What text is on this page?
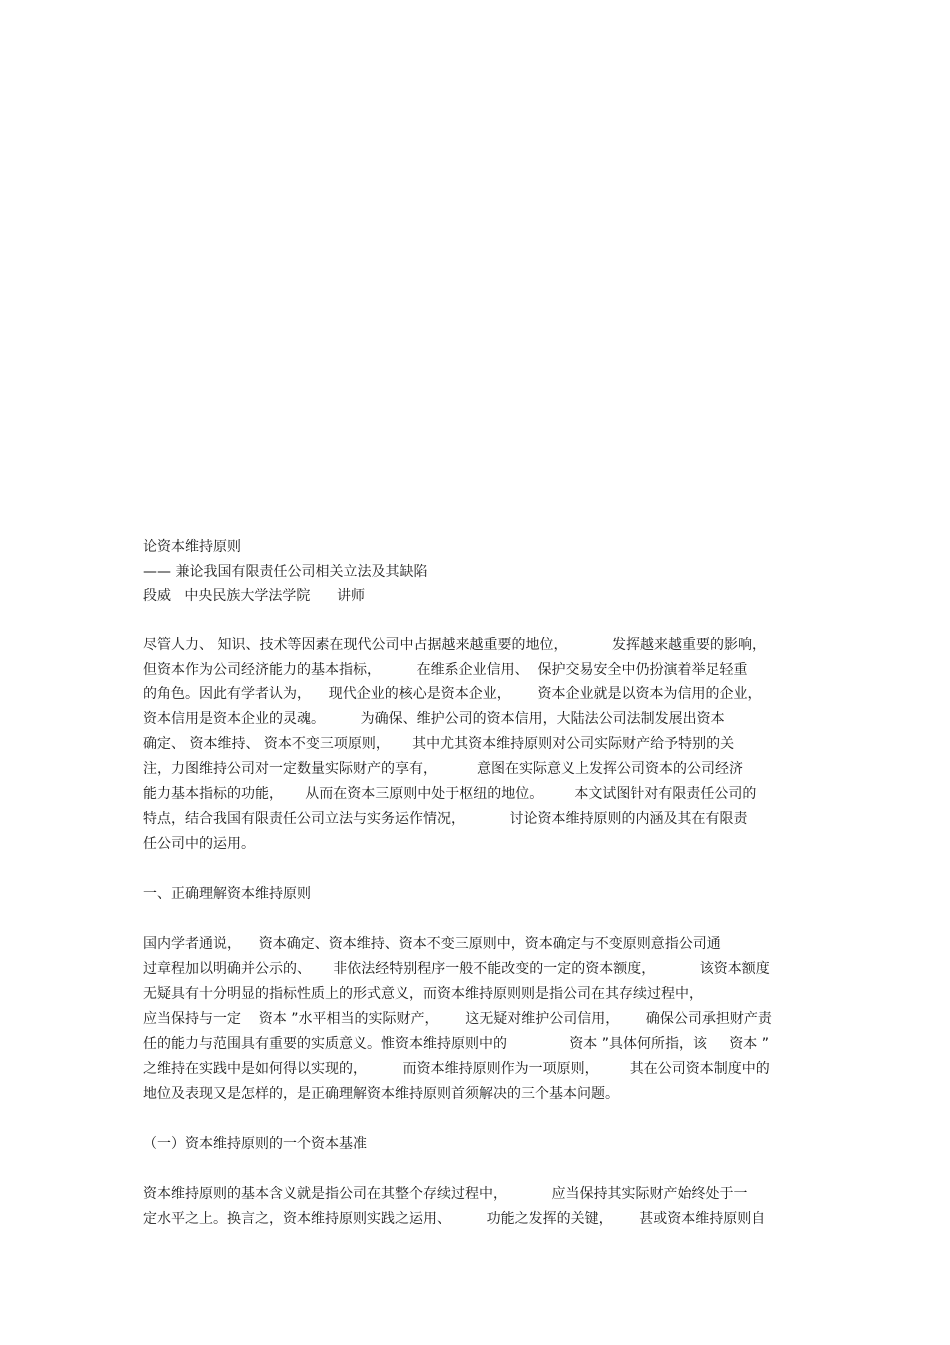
论资本维持原则

—— 兼论我国有限责任公司相关立法及其缺陷

段威   中央民族大学法学院      讲师

尽管人力、 知识、技术等因素在现代公司中占据越来越重要的地位，          发挥越来越重要的影响，

但资本作为公司经济能力的基本指标，        在维系企业信用、  保护交易安全中仍扮演着举足轻重

的角色。因此有学者认为，    现代企业的核心是资本企业，      资本企业就是以资本为信用的企业，

资本信用是资本企业的灵魂。        为确保、维护公司的资本信用，大陆法公司法制发展出资本

确定、 资本维持、 资本不变三项原则，     其中尤其资本维持原则对公司实际财产给予特别的关

注，力图维持公司对一定数量实际财产的享有，         意图在实际意义上发挥公司资本的公司经济

能力基本指标的功能，     从而在资本三原则中处于枢纽的地位。       本文试图针对有限责任公司的

特点，结合我国有限责任公司立法与实务运作情况，          讨论资本维持原则的内涵及其在有限责

任公司中的运用。

一、正确理解资本维持原则

国内学者通说，    资本确定、资本维持、资本不变三原则中，资本确定与不变原则意指公司通

过章程加以明确并公示的、     非依法经特别程序一般不能改变的一定的资本额度，          该资本额度

无疑具有十分明显的指标性质上的形式意义，而资本维持原则则是指公司在其存续过程中，

应当保持与一定    资本 ”水平相当的实际财产，      这无疑对维护公司信用，      确保公司承担财产责

任的能力与范围具有重要的实质意义。惟资本维持原则中的              资本 ”具体何所指，该     资本 ”

之维持在实践中是如何得以实现的，        而资本维持原则作为一项原则，       其在公司资本制度中的

地位及表现又是怎样的，是正确理解资本维持原则首须解决的三个基本问题。

（一）资本维持原则的一个资本基准

资本维持原则的基本含义就是指公司在其整个存续过程中，          应当保持其实际财产始终处于一

定水平之上。换言之，资本维持原则实践之运用、        功能之发挥的关键，      甚或资本维持原则自
